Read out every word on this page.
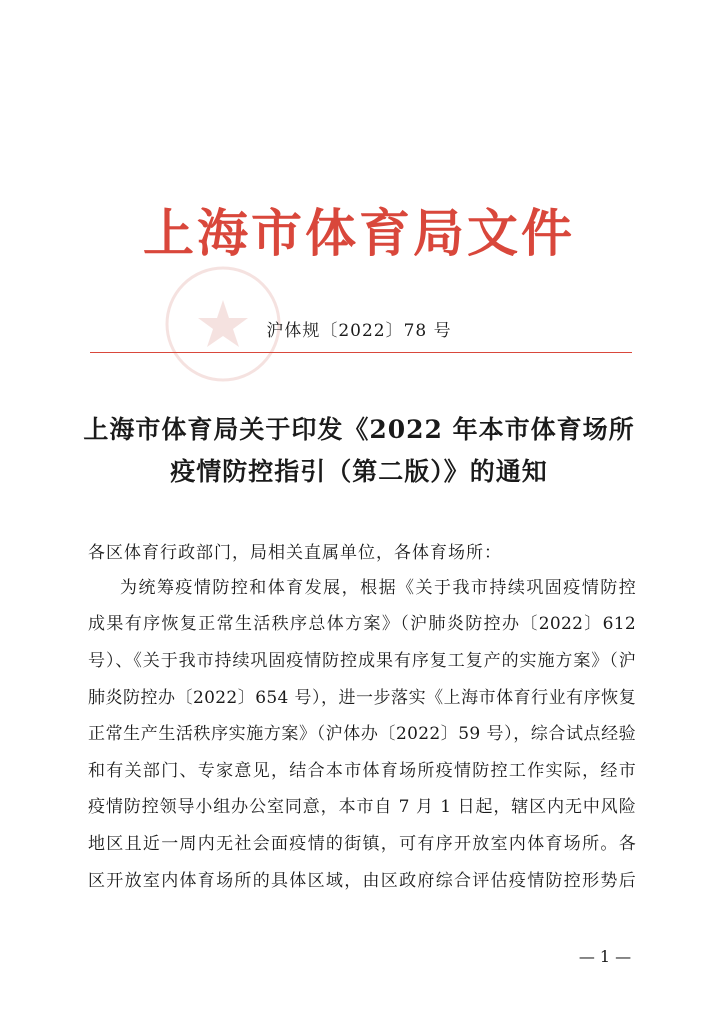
上海市体育局文件
沪体规〔2022〕78 号
上海市体育局关于印发《2022 年本市体育场所
疫情防控指引（第二版）》的通知
各区体育行政部门，局相关直属单位，各体育场所：
为统筹疫情防控和体育发展，根据《关于我市持续巩固疫情防控
成果有序恢复正常生活秩序总体方案》（沪肺炎防控办〔2022〕612
号）、《关于我市持续巩固疫情防控成果有序复工复产的实施方案》（沪
肺炎防控办〔2022〕654 号），进一步落实《上海市体育行业有序恢复
正常生产生活秩序实施方案》（沪体办〔2022〕59 号），综合试点经验
和有关部门、专家意见，结合本市体育场所疫情防控工作实际，经市
疫情防控领导小组办公室同意，本市自 7 月 1 日起，辖区内无中风险
地区且近一周内无社会面疫情的街镇，可有序开放室内体育场所。各
区开放室内体育场所的具体区域，由区政府综合评估疫情防控形势后
— 1 —
